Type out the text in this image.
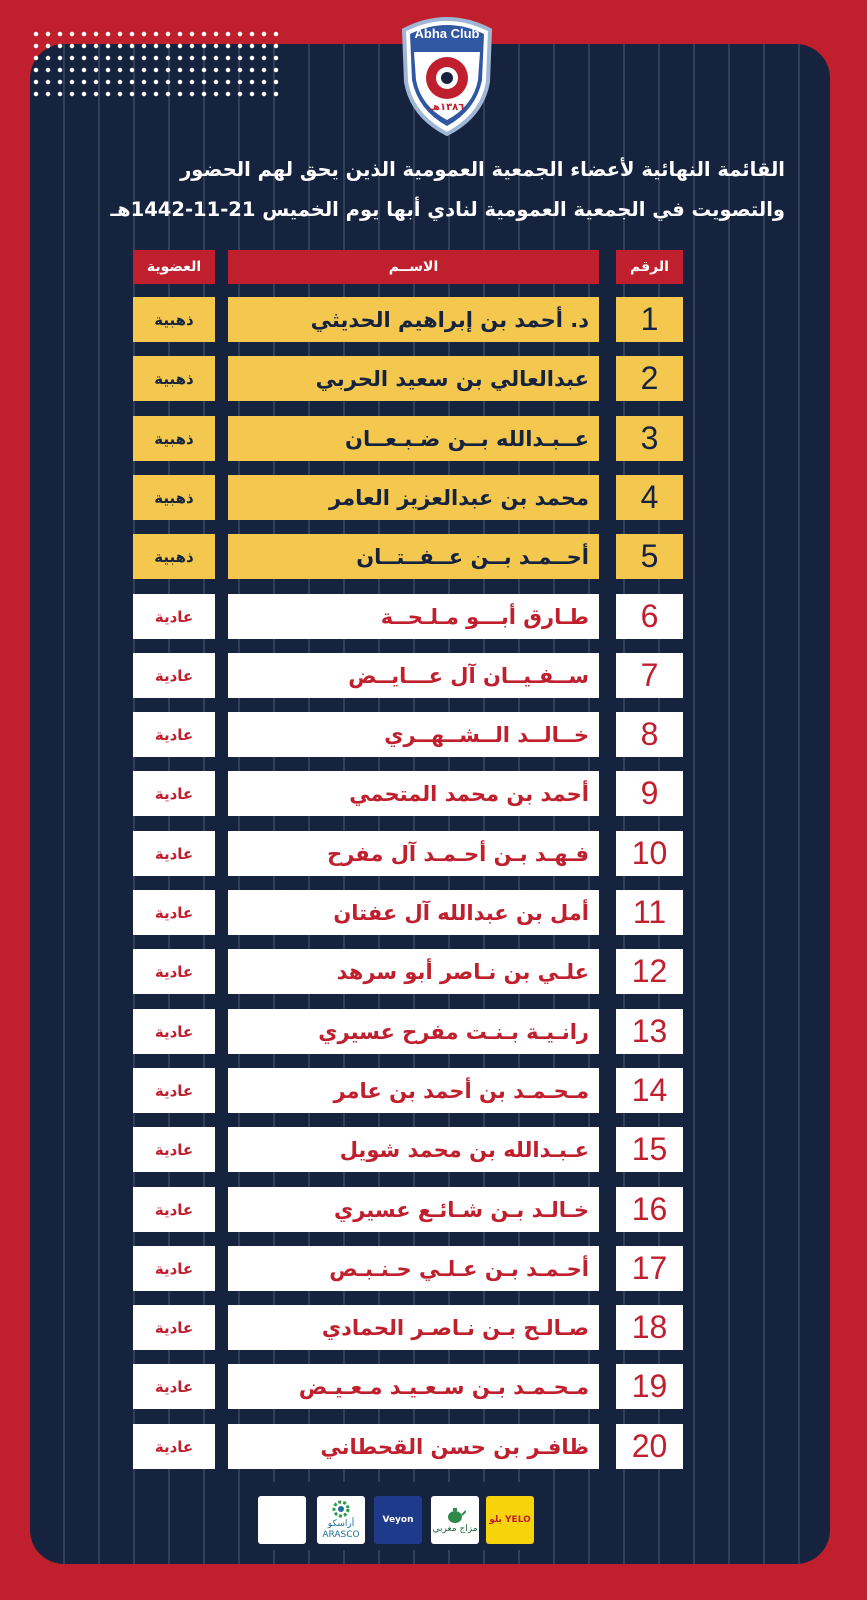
Abha Club
١٣٨٦هـ
القائمة النهائية لأعضاء الجمعية العمومية الذين يحق لهم الحضور
والتصويت في الجمعية العمومية لنادي أبها يوم الخميس 21-11-1442هـ
الرقم
الاســم
العضوية
1
د. أحمد بن إبراهيم الحديثي
ذهبية
2
عبدالعالي بن سعيد الحربي
ذهبية
3
عــبـدالله بــن ضـبـعــان
ذهبية
4
محمد بن عبدالعزيز العامر
ذهبية
5
أحــمـد بــن عــفــتــان
ذهبية
6
طـارق أبـــو مـلـحــة
عادية
7
ســفـيــان آل عـــايــض
عادية
8
خــالــد الــشــهــري
عادية
9
أحمد بن محمد المتحمي
عادية
10
فـهـد بـن أحـمـد آل مفرح
عادية
11
أمل بن عبدالله آل عفتان
عادية
12
علـي بن نـاصر أبو سرهد
عادية
13
رانـيـة بـنـت مفرح عسيري
عادية
14
مـحـمـد بن أحمد بن عامر
عادية
15
عـبـدالله بن محمد شويل
عادية
16
خـالـد بـن شـائـع عسيري
عادية
17
أحـمـد بـن عـلـي حـنـبـص
عادية
18
صـالـح بـن نـاصـر الحمادي
عادية
19
مـحـمـد بـن سـعـيـد مـعـيـض
عادية
20
ظافـر بن حسن القحطاني
عادية
أراسكو ARASCO
Veyon
مزاج مغربي
يلو YELO
